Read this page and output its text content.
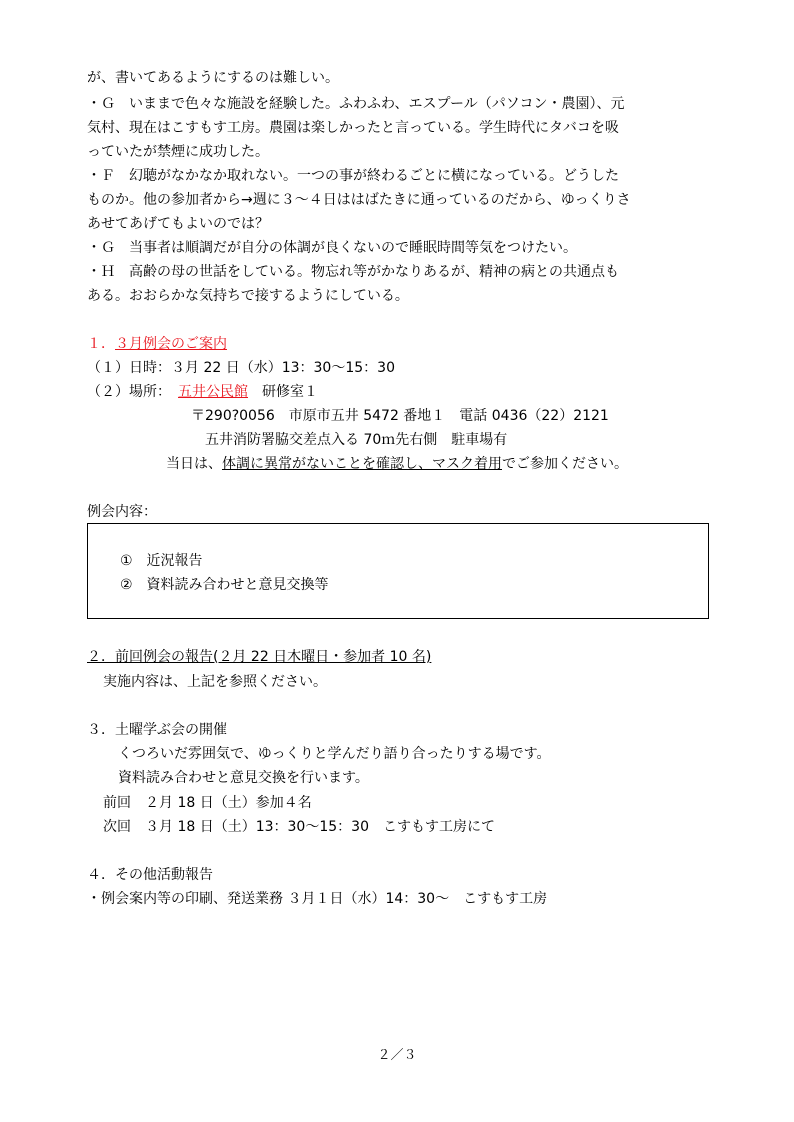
が、書いてあるようにするのは難しい。
・Ｇ　いままで色々な施設を経験した。ふわふわ、エスプール（パソコン・農園）、元
気村、現在はこすもす工房。農園は楽しかったと言っている。学生時代にタバコを吸
っていたが禁煙に成功した。
・Ｆ　幻聴がなかなか取れない。一つの事が終わるごとに横になっている。どうした
ものか。他の参加者から→週に３～４日ははばたきに通っているのだから、ゆっくりさ
あせてあげてもよいのでは？
・Ｇ　当事者は順調だが自分の体調が良くないので睡眠時間等気をつけたい。
・Ｈ　高齢の母の世話をしている。物忘れ等がかなりあるが、精神の病との共通点も
ある。おおらかな気持ちで接するようにしている。
１．３月例会のご案内
（１）日時：３月 22 日（水）13：30～15：30
（２）場所：　五井公民館　研修室１
〒290?0056　市原市五井 5472 番地１　電話 0436（22）2121
五井消防署脇交差点入る 70ｍ先右側　駐車場有
当日は、体調に異常がないことを確認し、マスク着用でご参加ください。
例会内容：
①　近況報告
②　資料読み合わせと意見交換等
２．前回例会の報告(２月 22 日木曜日・参加者 10 名)
実施内容は、上記を参照ください。
３．土曜学ぶ会の開催
くつろいだ雰囲気で、ゆっくりと学んだり語り合ったりする場です。
資料読み合わせと意見交換を行います。
前回　２月 18 日（土）参加４名
次回　３月 18 日（土）13：30～15：30　こすもす工房にて
４．その他活動報告
・例会案内等の印刷、発送業務 ３月１日（水）14：30～　こすもす工房
２／３
